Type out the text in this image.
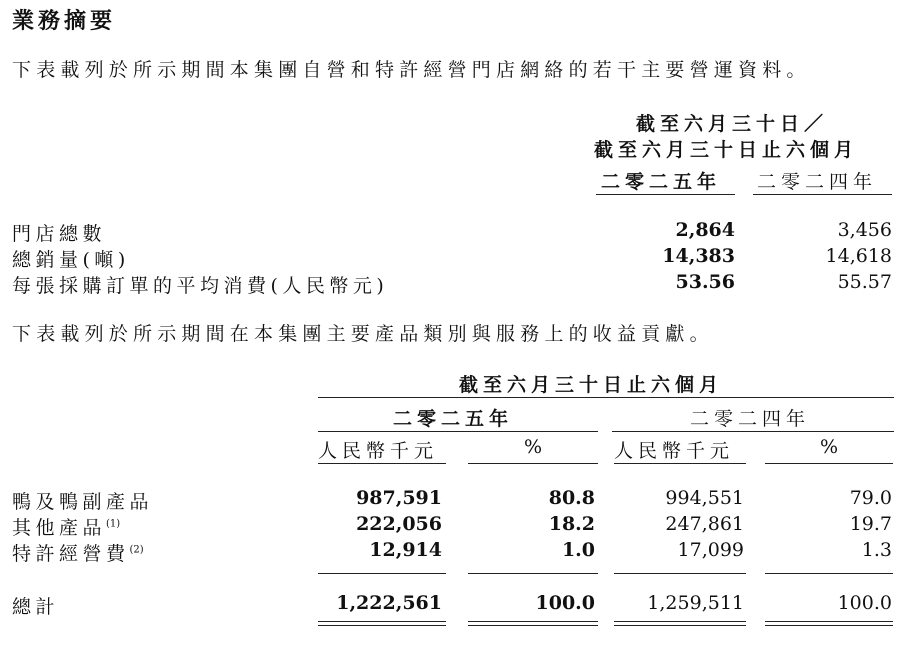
業務摘要
下表載列於所示期間本集團自營和特許經營門店網絡的若干主要營運資料。
截至六月三十日／
截至六月三十日止六個月
二零二五年 二零二四年
門店總數	2,864	3,456
總銷量(噸)	14,383	14,618
每張採購訂單的平均消費(人民幣元)	53.56	55.57
下表載列於所示期間在本集團主要產品類別與服務上的收益貢獻。
截至六月三十日止六個月
二零二五年	二零二四年
人民幣千元	%	人民幣千元	%
鴨及鴨副產品	987,591	80.8	994,551	79.0
其他產品$^{(1)}$	222,056	18.2	247,861	19.7
特許經營費$^{(2)}$	12,914	1.0	17,099	1.3
總計	1,222,561	100.0	1,259,511	100.0
